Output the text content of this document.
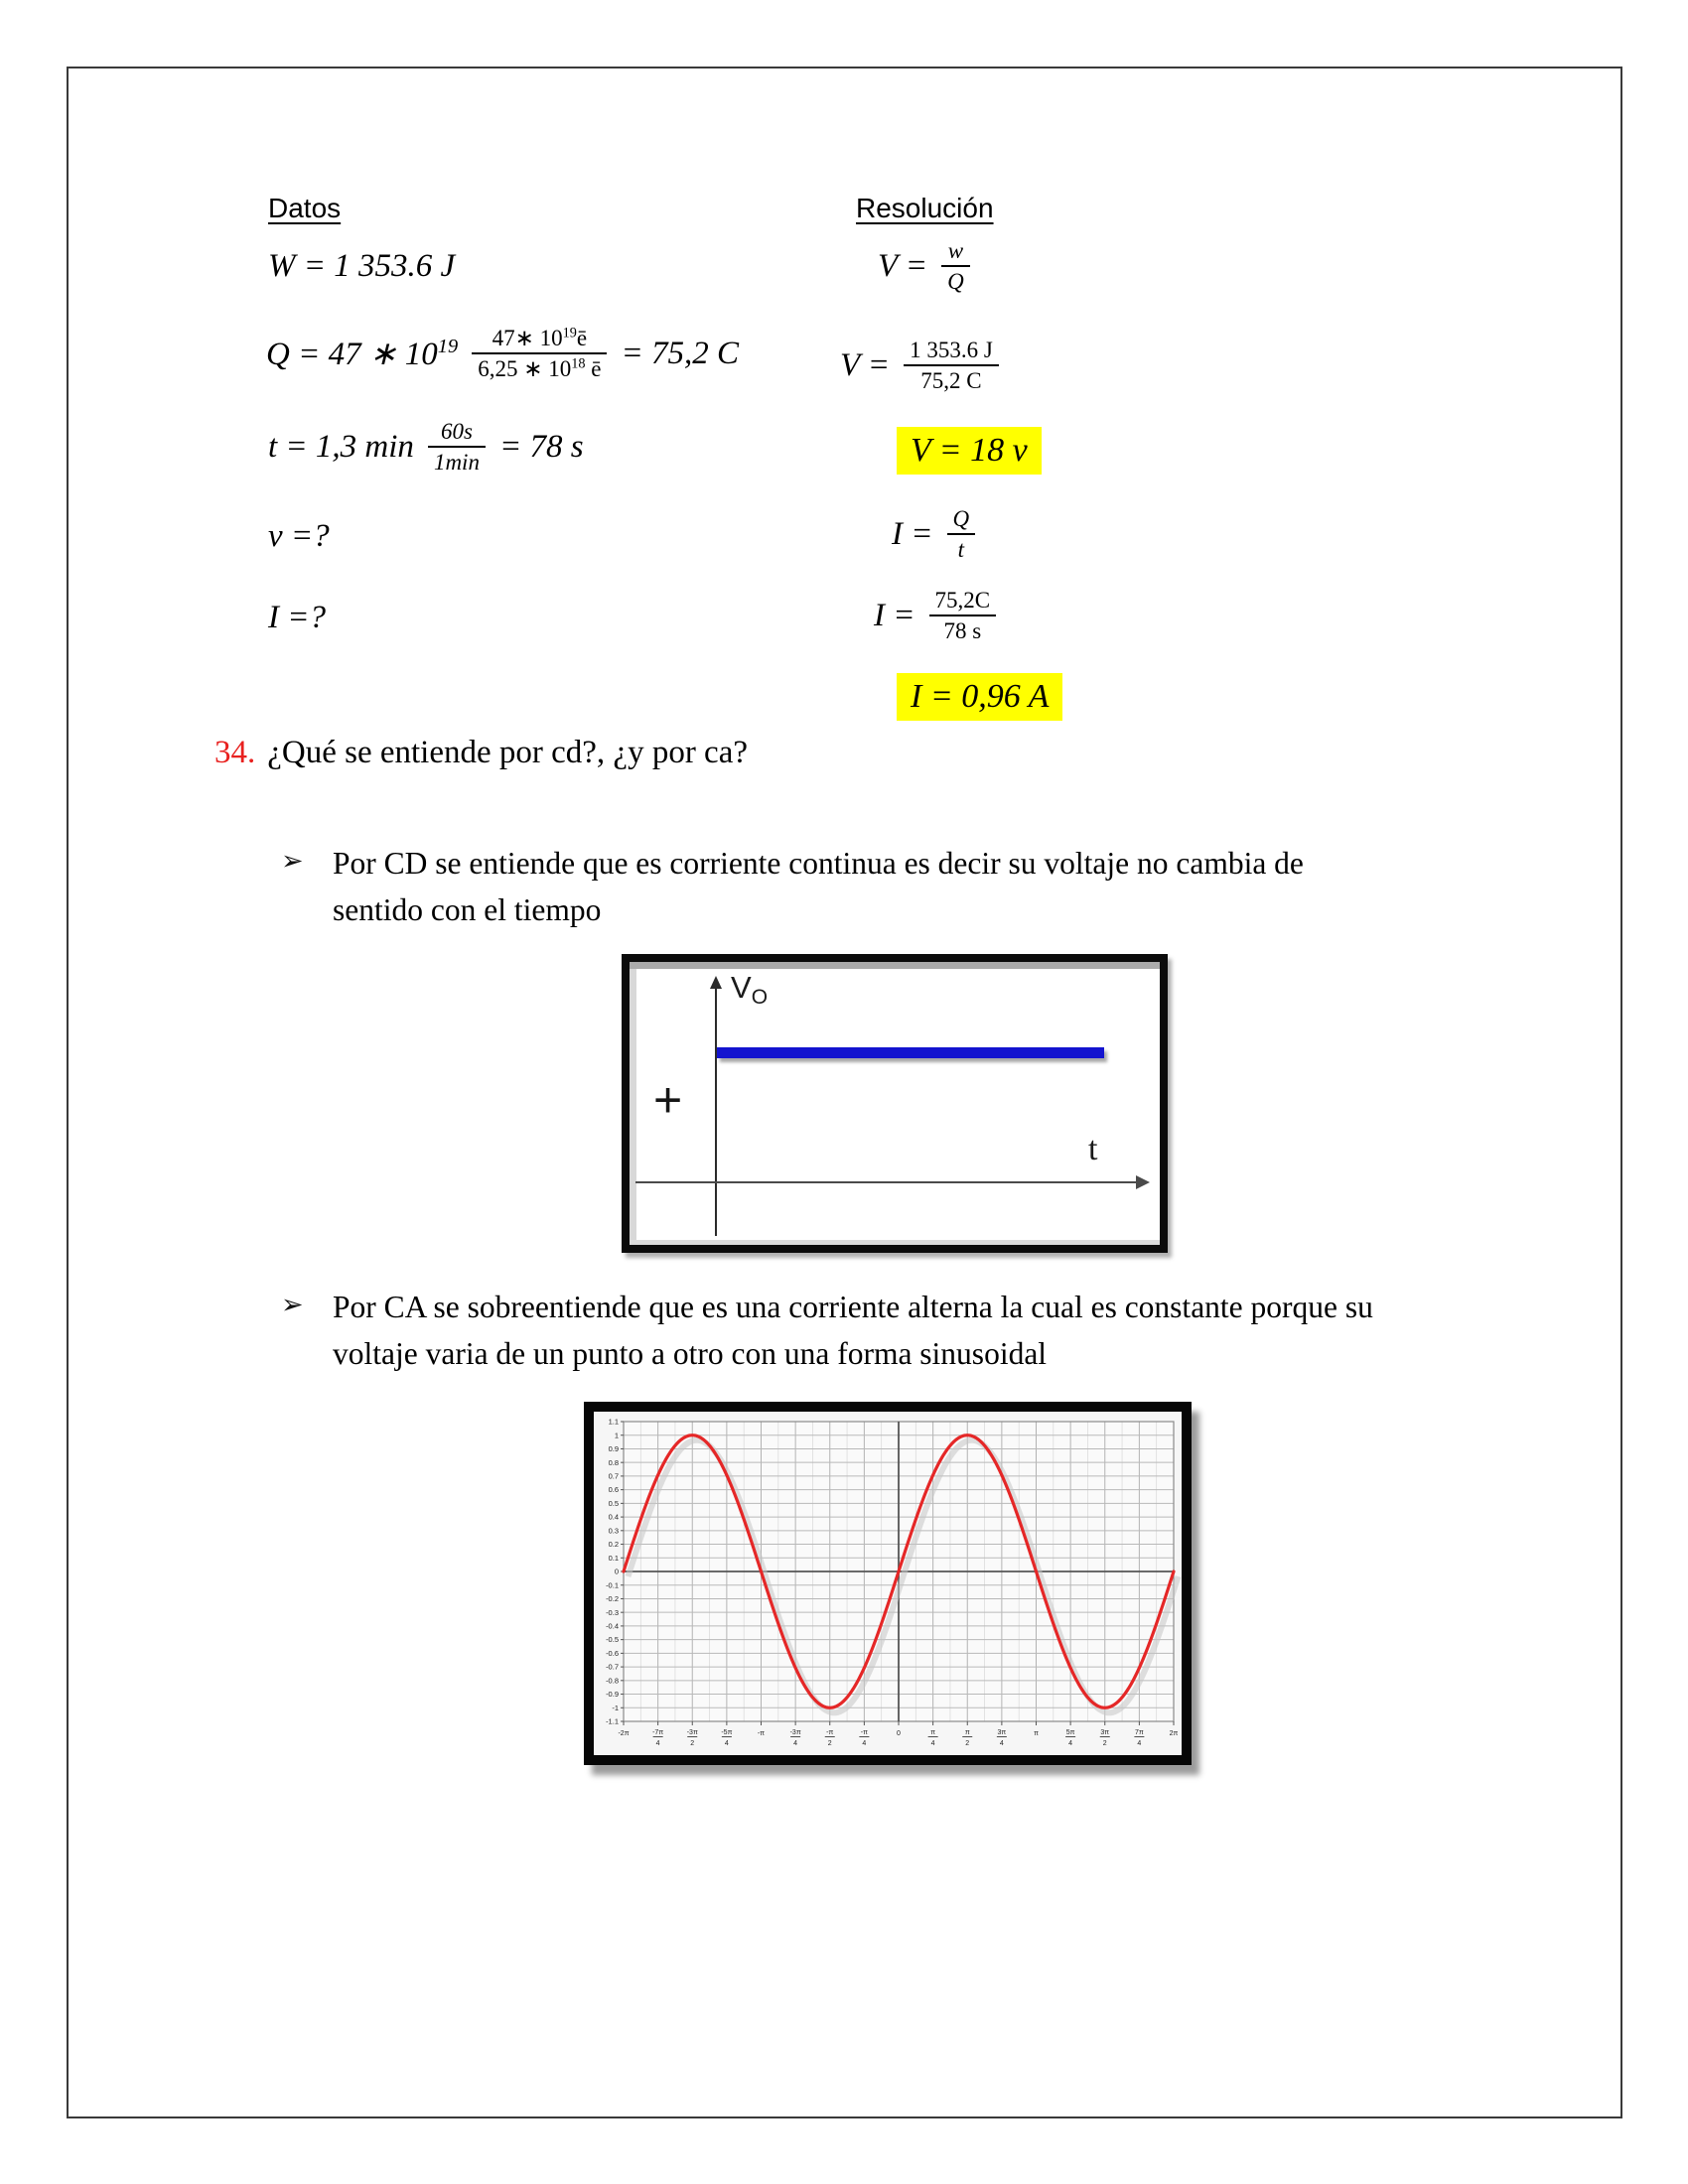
Datos	Resolución
W = 1 353.6 J
Q = 47 ∗ $10^{19} \frac{47∗ 10^{19}ē}{6,25 ∗ 10^{18} ē} = 75,2$ C
t = 1,3 $\min \frac{60s}{1\min} = 78$ s
v =?
I =?
$V = \frac{w}{Q}$
$V = \frac{1 353.6 J}{75,2 C}$
V = 18 v
$I = \frac{Q}{t}$
$I = \frac{75,2C}{78 s}$
I = 0,96 A
34. ¿Qué se entiende por cd?, ¿y por ca?
➢ Por CD se entiende que es corriente continua es decir su voltaje no cambia de
sentido con el tiempo
$V_O$
+
t
➢ Por CA se sobreentiende que es una corriente alterna la cual es constante porque su
voltaje varia de un punto a otro con una forma sinusoidal
1.1
1
0.9
0.8
0.7
0.6
0.5
0.4
0.3
0.2
0.1
0
-0.1
-0.2
-0.3
-0.4
-0.5
-0.6
-0.7
-0.8
-0.9
-1
-1.1
-2π	-7π
4
-3π
2
-5π
4
-π	-3π
4
-π
2
-π
4
0	π
4
π
2
3π
4
π	5π
4
3π
2
7π
4
2π
